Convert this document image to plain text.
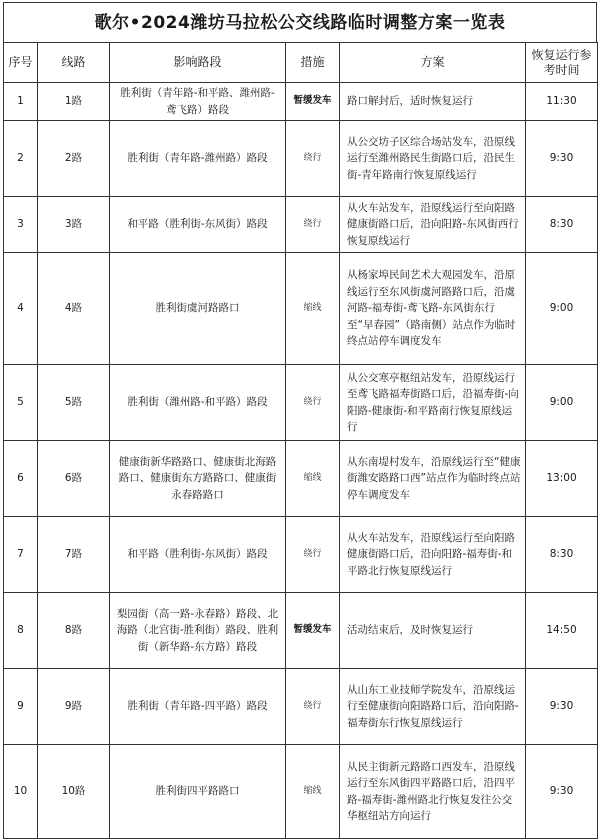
歌尔•2024潍坊马拉松公交线路临时调整方案一览表
序号	线路	影响路段	措施	方案	恢复运行参考时间
1	1路	胜利街（青年路-和平路、潍州路-鸢飞路）路段	暂缓发车	路口解封后，适时恢复运行	11:30
2	2路	胜利街（青年路-潍州路）路段	绕行	从公交坊子区综合场站发车，沿原线运行至潍州路民生街路口后，沿民生街-青年路南行恢复原线运行	9:30
3	3路	和平路（胜利街-东风街）路段	绕行	从火车站发车，沿原线运行至向阳路健康街路口后，沿向阳路-东风街西行恢复原线运行	8:30
4	4路	胜利街虞河路路口	缩线	从杨家埠民间艺术大观园发车，沿原线运行至东风街虞河路路口后，沿虞河路-福寿街-鸢飞路-东风街东行至“早春园”（路南侧）站点作为临时终点站停车调度发车	9:00
5	5路	胜利街（潍州路-和平路）路段	绕行	从公交寒亭枢纽站发车，沿原线运行至鸢飞路福寿街路口后，沿福寿街-向阳路-健康街-和平路南行恢复原线运行	9:00
6	6路	健康街新华路路口、健康街北海路路口、健康街东方路路口、健康街永春路路口	缩线	从东南堤村发车，沿原线运行至“健康街潍安路路口西”站点作为临时终点站停车调度发车	13:00
7	7路	和平路（胜利街-东风街）路段	绕行	从火车站发车，沿原线运行至向阳路健康街路口后，沿向阳路-福寿街-和平路北行恢复原线运行	8:30
8	8路	梨园街（高一路-永春路）路段、北海路（北宫街-胜利街）路段、胜利街（新华路-东方路）路段	暂缓发车	活动结束后，及时恢复运行	14:50
9	9路	胜利街（青年路-四平路）路段	绕行	从山东工业技师学院发车，沿原线运行至健康街向阳路路口后，沿向阳路-福寿街东行恢复原线运行	9:30
10	10路	胜利街四平路路口	缩线	从民主街新元路路口西发车，沿原线运行至东风街四平路路口后，沿四平路-福寿街-潍州路北行恢复发往公交华枢纽站方向运行	9:30
